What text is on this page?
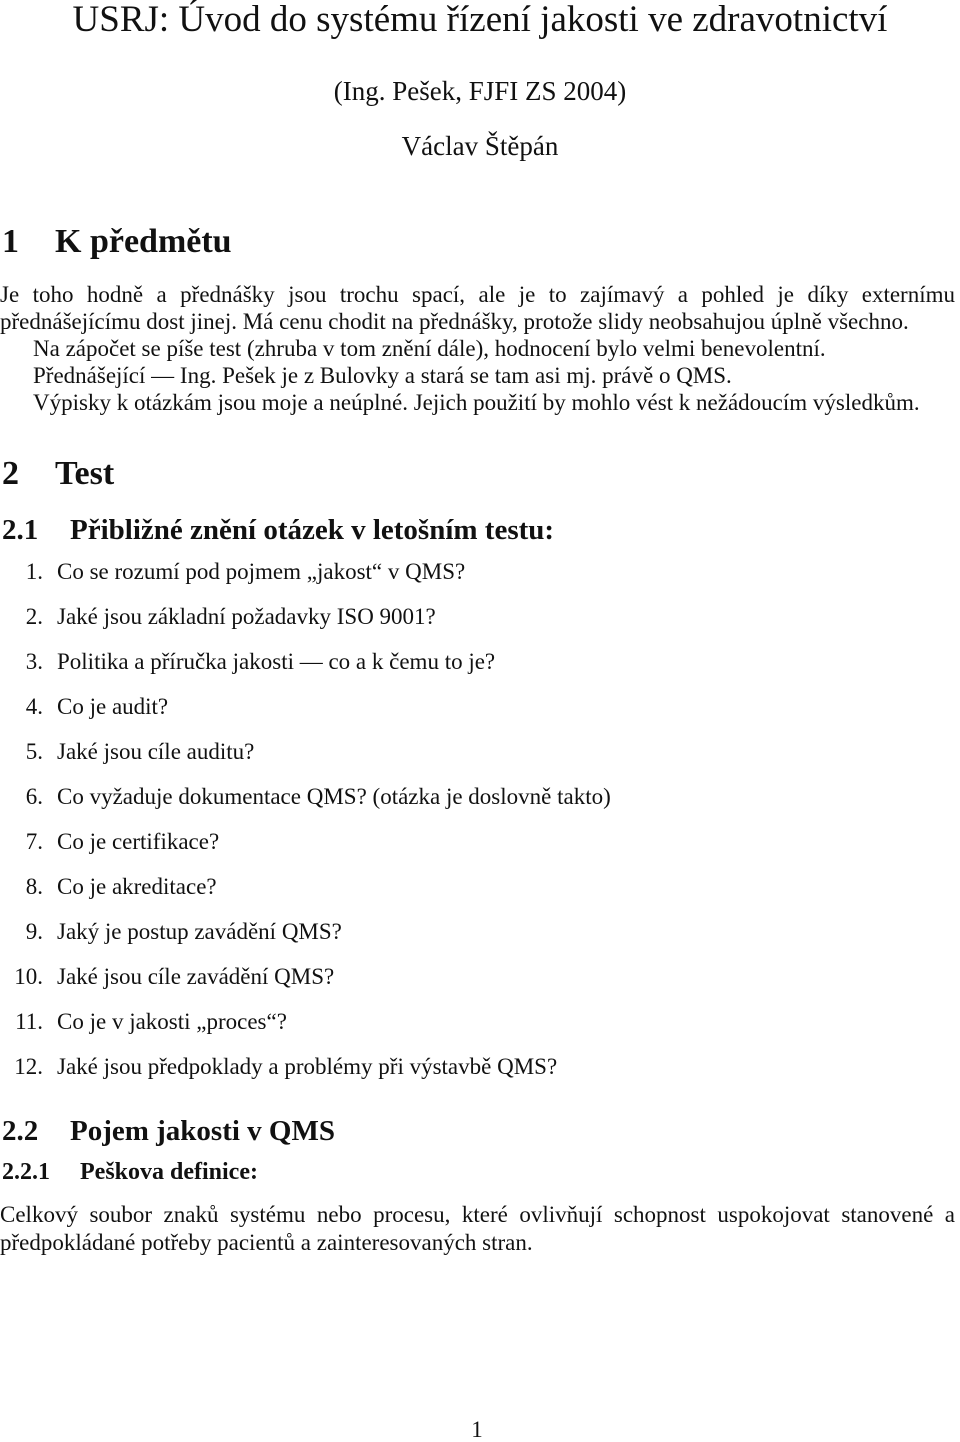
USRJ: Úvod do systému řízení jakosti ve zdravotnictví
(Ing. Pešek, FJFI ZS 2004)
Václav Štěpán
1 K předmětu
Je toho hodně a přednášky jsou trochu spací, ale je to zajímavý a pohled je díky externímu
přednášejícímu dost jinej. Má cenu chodit na přednášky, protože slidy neobsahujou úplně všechno.
Na zápočet se píše test (zhruba v tom znění dále), hodnocení bylo velmi benevolentní.
Přednášející — Ing. Pešek je z Bulovky a stará se tam asi mj. právě o QMS.
Výpisky k otázkám jsou moje a neúplné. Jejich použití by mohlo vést k nežádoucím výsledkům.
2 Test
2.1 Přibližné znění otázek v letošním testu:
1. Co se rozumí pod pojmem „jakost“ v QMS?
2. Jaké jsou základní požadavky ISO 9001?
3. Politika a příručka jakosti — co a k čemu to je?
4. Co je audit?
5. Jaké jsou cíle auditu?
6. Co vyžaduje dokumentace QMS? (otázka je doslovně takto)
7. Co je certifikace?
8. Co je akreditace?
9. Jaký je postup zavádění QMS?
10. Jaké jsou cíle zavádění QMS?
11. Co je v jakosti „proces“?
12. Jaké jsou předpoklady a problémy při výstavbě QMS?
2.2 Pojem jakosti v QMS
2.2.1 Peškova definice:
Celkový soubor znaků systému nebo procesu, které ovlivňují schopnost uspokojovat stanovené a
předpokládané potřeby pacientů a zainteresovaných stran.
1
